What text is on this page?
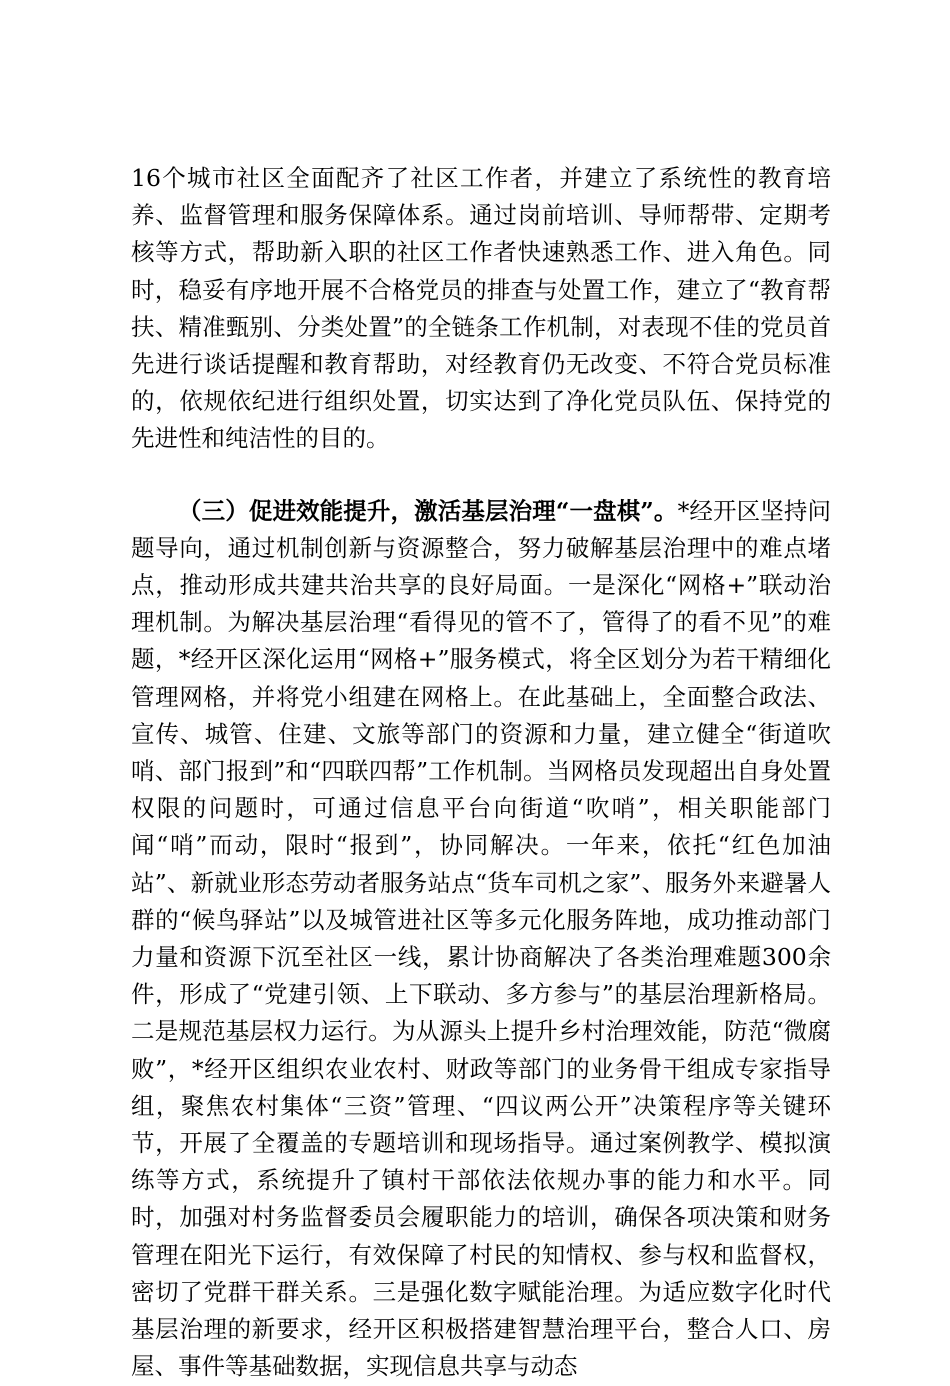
16个城市社区全面配齐了社区工作者，并建立了系统性的教育培养、监督管理和服务保障体系。通过岗前培训、导师帮带、定期考核等方式，帮助新入职的社区工作者快速熟悉工作、进入角色。同时，稳妥有序地开展不合格党员的排查与处置工作，建立了“教育帮扶、精准甄别、分类处置”的全链条工作机制，对表现不佳的党员首先进行谈话提醒和教育帮助，对经教育仍无改变、不符合党员标准的，依规依纪进行组织处置，切实达到了净化党员队伍、保持党的先进性和纯洁性的目的。

（三）促进效能提升，激活基层治理“一盘棋”。*经开区坚持问题导向，通过机制创新与资源整合，努力破解基层治理中的难点堵点，推动形成共建共治共享的良好局面。一是深化“网格+”联动治理机制。为解决基层治理“看得见的管不了，管得了的看不见”的难题，*经开区深化运用“网格+”服务模式，将全区划分为若干精细化管理网格，并将党小组建在网格上。在此基础上，全面整合政法、宣传、城管、住建、文旅等部门的资源和力量，建立健全“街道吹哨、部门报到”和“四联四帮”工作机制。当网格员发现超出自身处置权限的问题时，可通过信息平台向街道“吹哨”，相关职能部门闻“哨”而动，限时“报到”，协同解决。一年来，依托“红色加油站”、新就业形态劳动者服务站点“货车司机之家”、服务外来避暑人群的“候鸟驿站”以及城管进社区等多元化服务阵地，成功推动部门力量和资源下沉至社区一线，累计协商解决了各类治理难题300余件，形成了“党建引领、上下联动、多方参与”的基层治理新格局。二是规范基层权力运行。为从源头上提升乡村治理效能，防范“微腐败”，*经开区组织农业农村、财政等部门的业务骨干组成专家指导组，聚焦农村集体“三资”管理、“四议两公开”决策程序等关键环节，开展了全覆盖的专题培训和现场指导。通过案例教学、模拟演练等方式，系统提升了镇村干部依法依规办事的能力和水平。同时，加强对村务监督委员会履职能力的培训，确保各项决策和财务管理在阳光下运行，有效保障了村民的知情权、参与权和监督权，密切了党群干群关系。三是强化数字赋能治理。为适应数字化时代基层治理的新要求，经开区积极搭建智慧治理平台，整合人口、房屋、事件等基础数据，实现信息共享与动态
